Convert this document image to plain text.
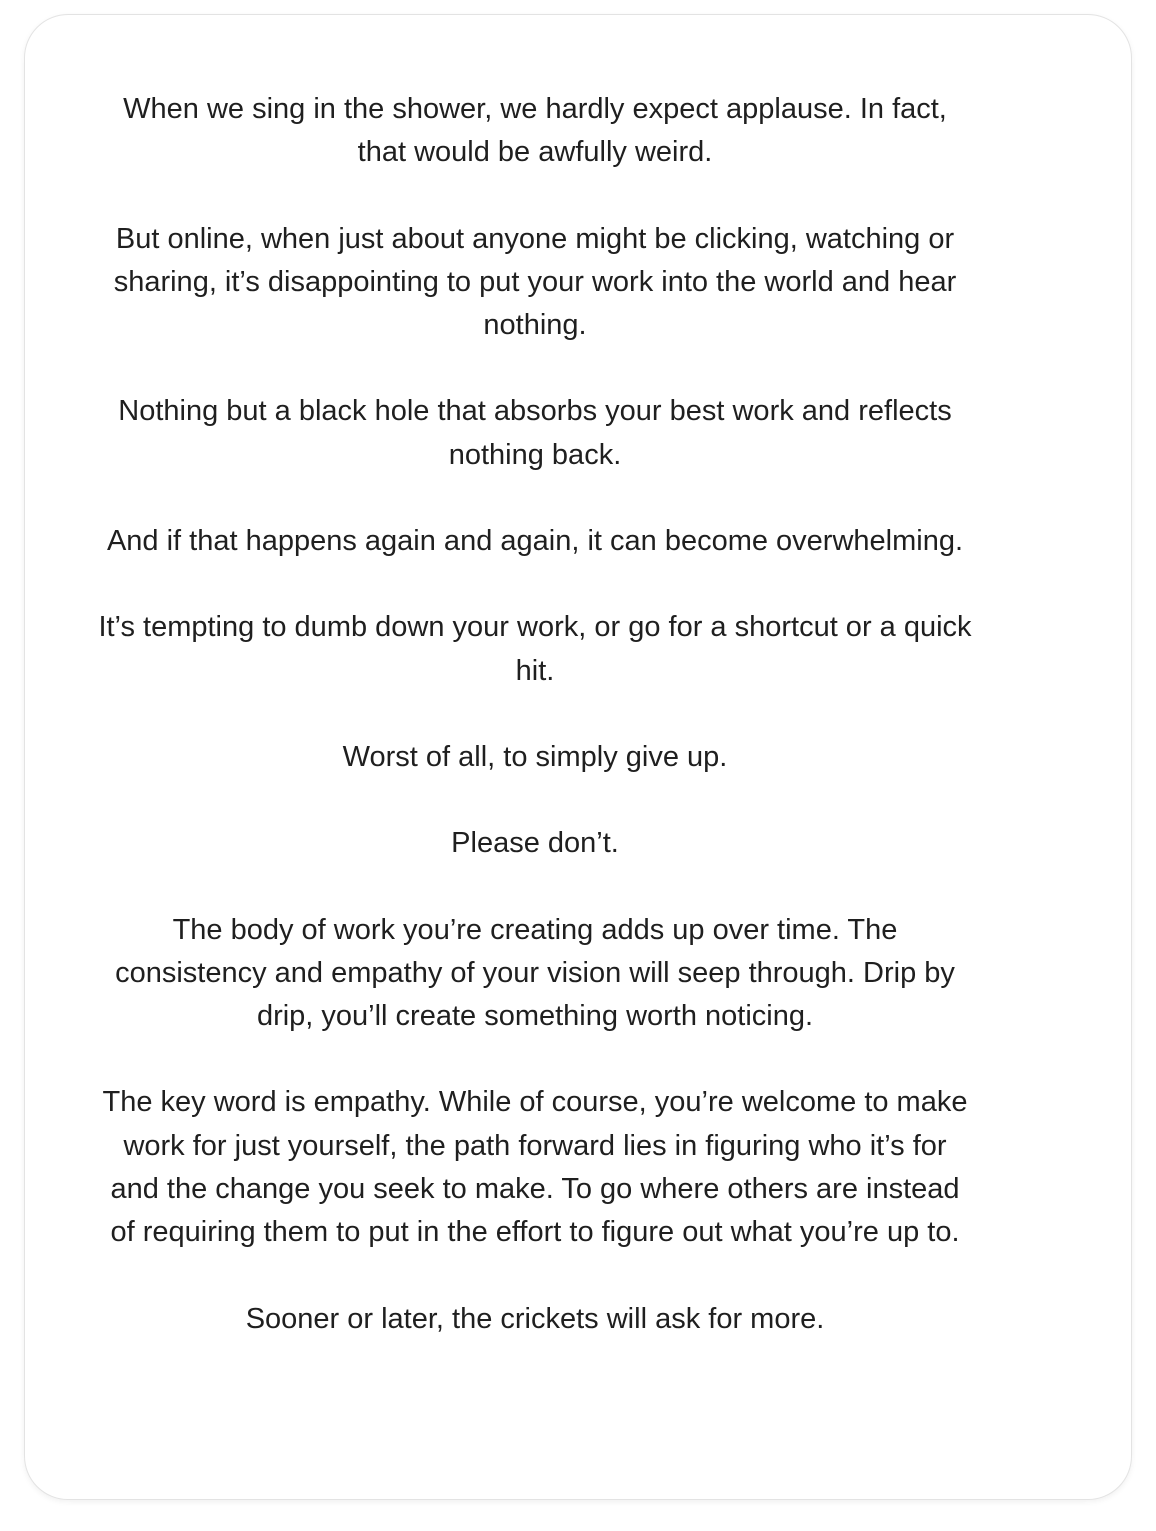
When we sing in the shower, we hardly expect applause. In fact, that would be awfully weird.

But online, when just about anyone might be clicking, watching or sharing, it’s disappointing to put your work into the world and hear nothing.

Nothing but a black hole that absorbs your best work and reflects nothing back.

And if that happens again and again, it can become overwhelming.

It’s tempting to dumb down your work, or go for a shortcut or a quick hit.

Worst of all, to simply give up.

Please don’t.

The body of work you’re creating adds up over time. The consistency and empathy of your vision will seep through. Drip by drip, you’ll create something worth noticing.

The key word is empathy. While of course, you’re welcome to make work for just yourself, the path forward lies in figuring who it’s for and the change you seek to make. To go where others are instead of requiring them to put in the effort to figure out what you’re up to.

Sooner or later, the crickets will ask for more.
